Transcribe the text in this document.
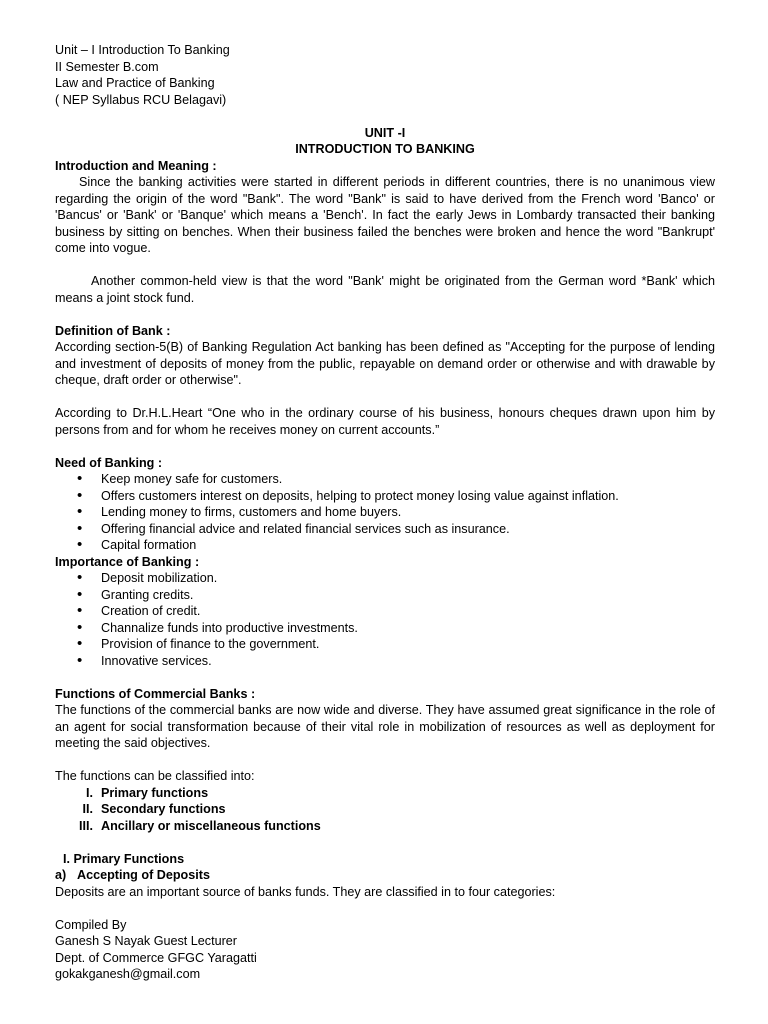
Unit – I Introduction To Banking
II Semester B.com
Law and Practice of Banking
( NEP Syllabus RCU Belagavi)
UNIT -I
INTRODUCTION TO BANKING
Introduction and Meaning :
Since the banking activities were started in different periods in different countries, there is no unanimous view regarding the origin of the word "Bank". The word "Bank" is said to have derived from the French word 'Banco' or 'Bancus' or 'Bank' or 'Banque' which means a 'Bench'. In fact the early Jews in Lombardy transacted their banking business by sitting on benches. When their business failed the benches were broken and hence the word "Bankrupt' come into vogue.
Another common-held view is that the word "Bank' might be originated from the German word *Bank' which means a joint stock fund.
Definition of Bank :
According section-5(B) of Banking Regulation Act banking has been defined as "Accepting for the purpose of lending and investment of deposits of money from the public, repayable on demand order or otherwise and with drawable by cheque, draft order or otherwise".
According to Dr.H.L.Heart “One who in the ordinary course of his business, honours cheques drawn upon him by persons from and for whom he receives money on current accounts.”
Need of Banking :
• Keep money safe for customers.
• Offers customers interest on deposits, helping to protect money losing value against inflation.
• Lending money to firms, customers and home buyers.
• Offering financial advice and related financial services such as insurance.
• Capital formation
Importance of Banking :
• Deposit mobilization.
• Granting credits.
• Creation of credit.
• Channalize funds into productive investments.
• Provision of finance to the government.
• Innovative services.
Functions of Commercial Banks :
The functions of the commercial banks are now wide and diverse. They have assumed great significance in the role of an agent for social transformation because of their vital role in mobilization of resources as well as deployment for meeting the said objectives.
The functions can be classified into:
I. Primary functions
II. Secondary functions
III. Ancillary or miscellaneous functions
I. Primary Functions
a) Accepting of Deposits
Deposits are an important source of banks funds. They are classified in to four categories:
Compiled By
Ganesh S Nayak Guest Lecturer
Dept. of Commerce GFGC Yaragatti
gokakganesh@gmail.com
